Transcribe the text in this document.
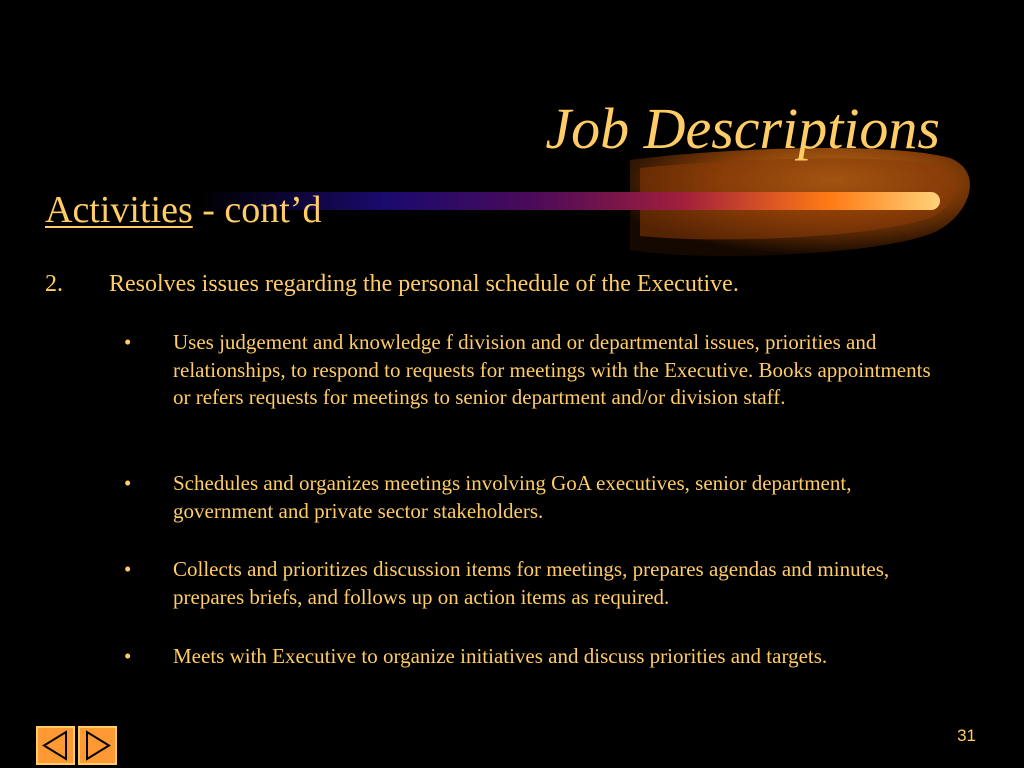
Job Descriptions
Activities - cont’d
2. Resolves issues regarding the personal schedule of the Executive.
• Uses judgement and knowledge f division and or departmental issues, priorities and relationships, to respond to requests for meetings with the Executive. Books appointments or refers requests for meetings to senior department and/or division staff.
• Schedules and organizes meetings involving GoA executives, senior department, government and private sector stakeholders.
• Collects and prioritizes discussion items for meetings, prepares agendas and minutes, prepares briefs, and follows up on action items as required.
• Meets with Executive to organize initiatives and discuss priorities and targets.
31
